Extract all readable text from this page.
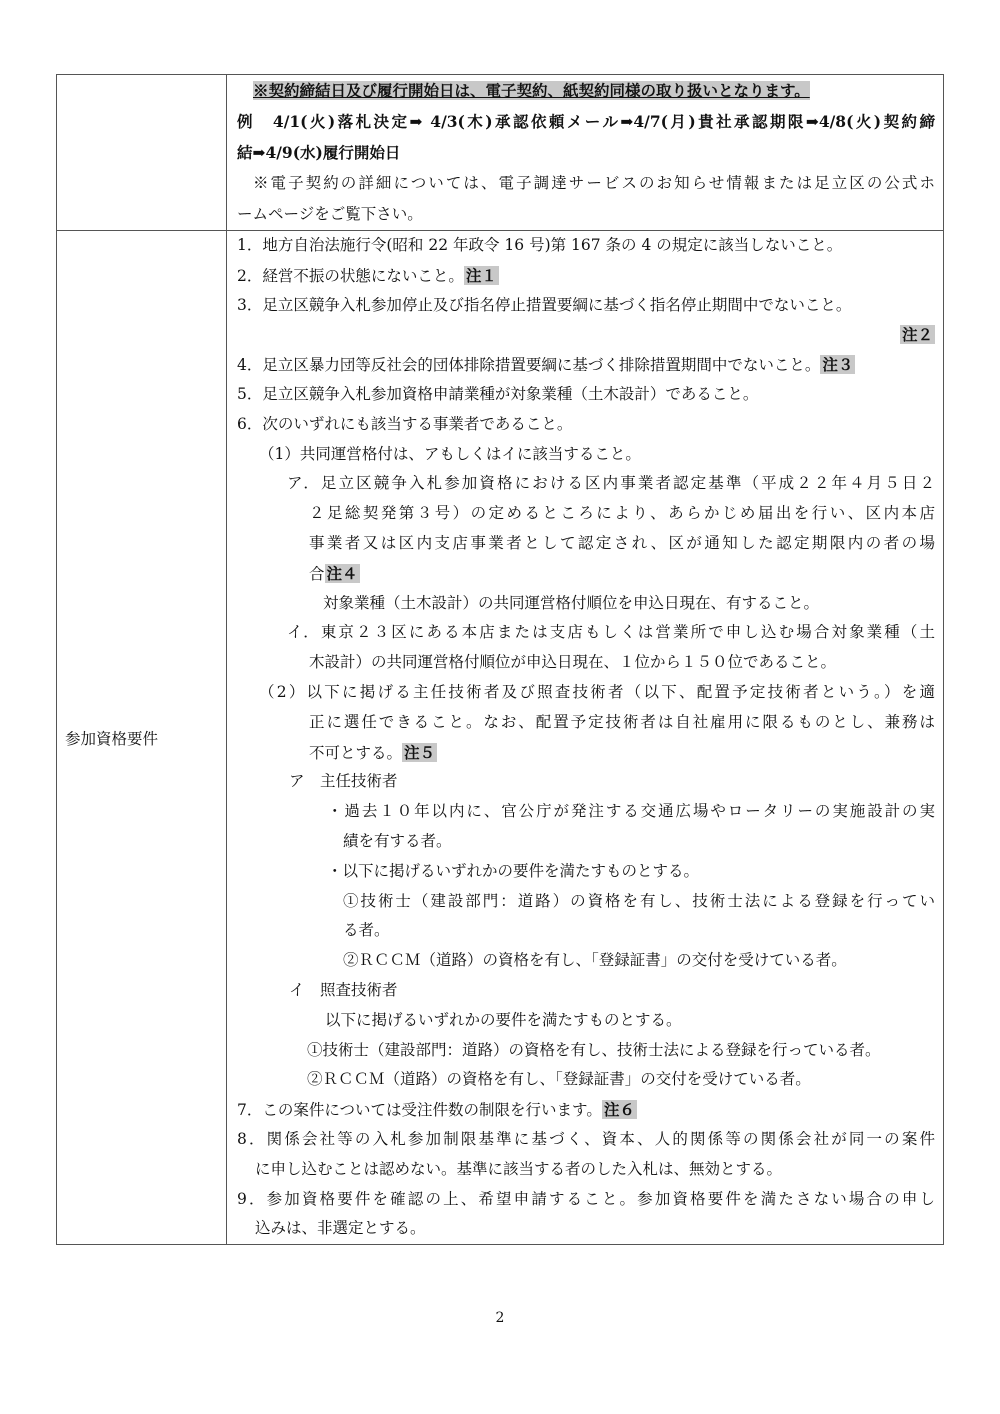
※契約締結日及び履行開始日は、電子契約、紙契約同様の取り扱いとなります。
例　4/1(火)落札決定➡ 4/3(木)承認依頼メール➡4/7(月)貴社承認期限➡4/8(火)契約締
結➡4/9(水)履行開始日
※電子契約の詳細については、電子調達サービスのお知らせ情報または足立区の公式ホ
ームページをご覧下さい。
参加資格要件
1．地方自治法施行令(昭和 22 年政令 16 号)第 167 条の 4 の規定に該当しないこと。
2．経営不振の状態にないこと。 注１
3．足立区競争入札参加停止及び指名停止措置要綱に基づく指名停止期間中でないこと。
注２
4．足立区暴力団等反社会的団体排除措置要綱に基づく排除措置期間中でないこと。 注３
5．足立区競争入札参加資格申請業種が対象業種（土木設計）であること。
6．次のいずれにも該当する事業者であること。
（1）共同運営格付は、アもしくはイに該当すること。
ア．足立区競争入札参加資格における区内事業者認定基準（平成２２年４月５日２
２足総契発第３号）の定めるところにより、あらかじめ届出を行い、区内本店
事業者又は区内支店事業者として認定され、区が通知した認定期限内の者の場
合 注４
対象業種（土木設計）の共同運営格付順位を申込日現在、有すること。
イ．東京２３区にある本店または支店もしくは営業所で申し込む場合対象業種（土
木設計）の共同運営格付順位が申込日現在、１位から１５０位であること。
（2）以下に掲げる主任技術者及び照査技術者（以下、配置予定技術者という。）を適
正に選任できること。なお、配置予定技術者は自社雇用に限るものとし、兼務は
不可とする。 注５
ア　主任技術者
・過去１０年以内に、官公庁が発注する交通広場やロータリーの実施設計の実
績を有する者。
・以下に掲げるいずれかの要件を満たすものとする。
①技術士（建設部門：道路）の資格を有し、技術士法による登録を行ってい
る者。
②ＲＣＣＭ（道路）の資格を有し、「登録証書」の交付を受けている者。
イ　照査技術者
以下に掲げるいずれかの要件を満たすものとする。
①技術士（建設部門：道路）の資格を有し、技術士法による登録を行っている者。
②ＲＣＣＭ（道路）の資格を有し、「登録証書」の交付を受けている者。
7．この案件については受注件数の制限を行います。 注６
8．関係会社等の入札参加制限基準に基づく、資本、人的関係等の関係会社が同一の案件
に申し込むことは認めない。基準に該当する者のした入札は、無効とする。
9．参加資格要件を確認の上、希望申請すること。参加資格要件を満たさない場合の申し
込みは、非選定とする。
2
